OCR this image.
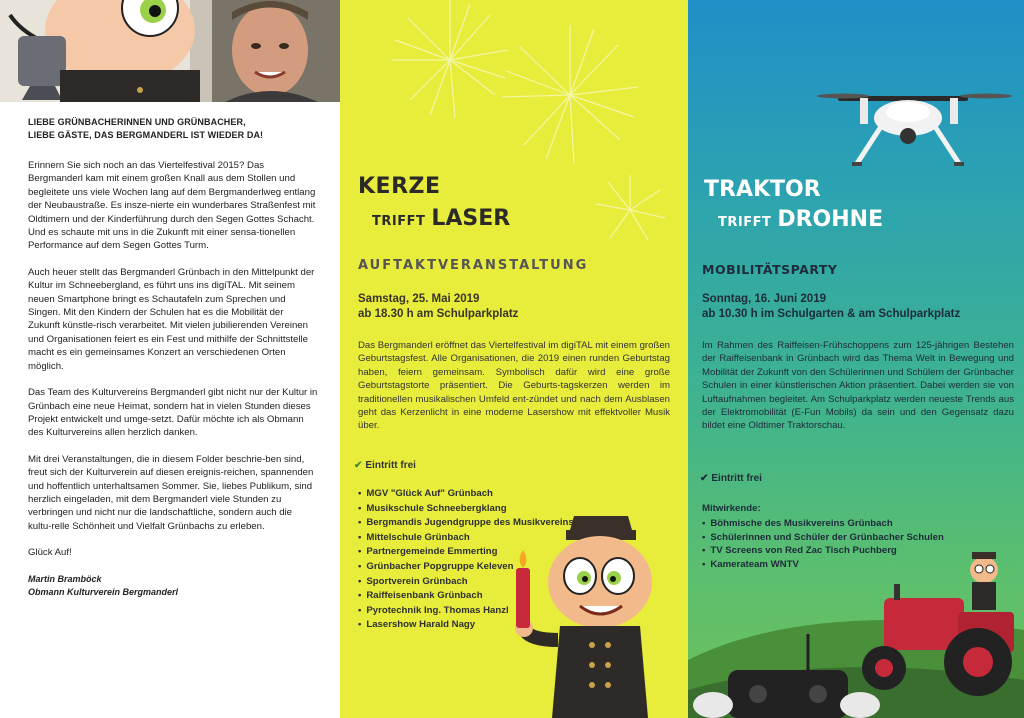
LIEBE GRÜNBACHERINNEN UND GRÜNBACHER,
LIEBE GÄSTE, DAS BERGMANDERL IST WIEDER DA!

Erinnern Sie sich noch an das Viertelfestival 2015? Das Bergmanderl kam mit einem großen Knall aus dem Stollen und begleitete uns viele Wochen lang auf dem Bergmanderlweg entlang der Neubaustraße. Es insze-nierte ein wunderbares Straßenfest mit Oldtimern und der Kinderführung durch den Segen Gottes Schacht. Und es schaute mit uns in die Zukunft mit einer sensa-tionellen Performance auf dem Segen Gottes Turm.

Auch heuer stellt das Bergmanderl Grünbach in den Mittelpunkt der Kultur im Schneebergland, es führt uns ins digiTAL. Mit seinem neuen Smartphone bringt es Schautafeln zum Sprechen und Singen. Mit den Kindern der Schulen hat es die Mobilität der Zukunft künstle-risch verarbeitet. Mit vielen jubilierenden Vereinen und Organisationen feiert es ein Fest und mithilfe der Schnittstelle macht es ein gemeinsames Konzert an verschiedenen Orten möglich.

Das Team des Kulturvereins Bergmanderl gibt nicht nur der Kultur in Grünbach eine neue Heimat, sondern hat in vielen Stunden dieses Projekt entwickelt und umge-setzt. Dafür möchte ich als Obmann des Kulturvereins allen herzlich danken.

Mit drei Veranstaltungen, die in diesem Folder beschrie-ben sind, freut sich der Kulturverein auf diesen ereignis-reichen, spannenden und hoffentlich unterhaltsamen Sommer. Sie, liebes Publikum, sind herzlich eingeladen, mit dem Bergmanderl viele Stunden zu verbringen und nicht nur die landschaftliche, sondern auch die kultu-relle Schönheit und Vielfalt Grünbachs zu erleben.

Glück Auf!

Martin Bramböck
Obmann Kulturverein Bergmanderl
KERZE
TRIFFT LASER
AUFTAKTVERANSTALTUNG
Samstag, 25. Mai 2019
ab 18.30 h am Schulparkplatz
Das Bergmanderl eröffnet das Viertelfestival im digiTAL mit einem großen Geburtstagsfest. Alle Organisationen, die 2019 einen runden Geburtstag haben, feiern gemeinsam. Symbolisch dafür wird eine große Geburtstagstorte präsentiert. Die Geburts-tagskerzen werden im traditionellen musikalischen Umfeld ent-zündet und nach dem Ausblasen geht das Kerzenlicht in eine moderne Lasershow mit effektvoller Musik über.
✔ Eintritt frei
• MGV "Glück Auf" Grünbach
• Musikschule Schneebergklang
• Bergmandis Jugendgruppe des Musikvereins
• Mittelschule Grünbach
• Partnergemeinde Emmerting
• Grünbacher Popgruppe Keleven
• Sportverein Grünbach
• Raiffeisenbank Grünbach
• Pyrotechnik Ing. Thomas Hanzl
• Lasershow Harald Nagy
TRAKTOR
TRIFFT DROHNE
MOBILITÄTSPARTY
Sonntag, 16. Juni 2019
ab 10.30 h im Schulgarten & am Schulparkplatz
Im Rahmen des Raiffeisen-Frühschoppens zum 125-jährigen Bestehen der Raiffeisenbank in Grünbach wird das Thema Welt in Bewegung und Mobilität der Zukunft von den Schülerinnen und Schülern der Grünbacher Schulen in einer künstlerischen Aktion präsentiert. Dabei werden sie von Luftaufnahmen begleitet. Am Schulparkplatz werden neueste Trends aus der Elektromobilität (E-Fun Mobils) da sein und den Gegensatz dazu bildet eine Oldtimer Traktorschau.
✔ Eintritt frei
Mitwirkende:
• Böhmische des Musikvereins Grünbach
• Schülerinnen und Schüler der Grünbacher Schulen
• TV Screens von Red Zac Tisch Puchberg
• Kamerateam WNTV
